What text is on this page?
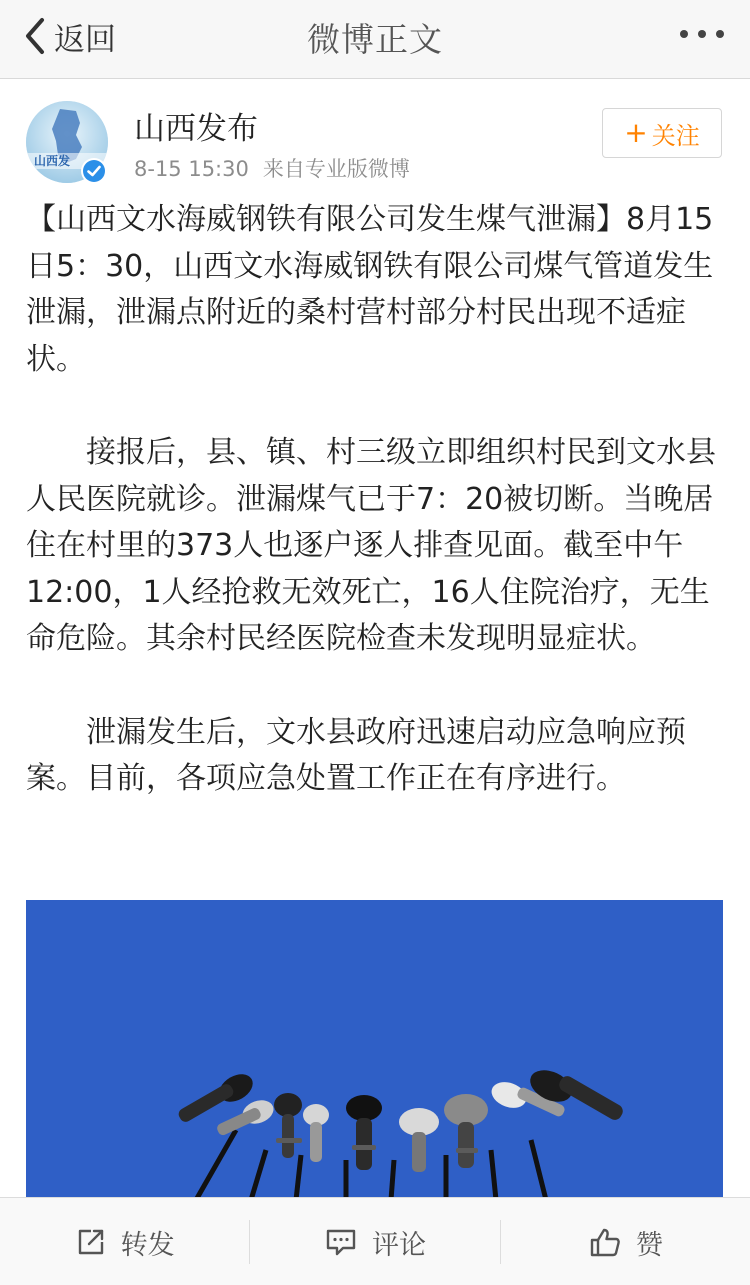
返回	微博正文
山西发
山西发布
8-15 15:30 来自专业版微博
+ 关注

【山西文水海威钢铁有限公司发生煤气泄漏】8月15日5：30，山西文水海威钢铁有限公司煤气管道发生泄漏，泄漏点附近的桑村营村部分村民出现不适症状。

接报后，县、镇、村三级立即组织村民到文水县人民医院就诊。泄漏煤气已于7：20被切断。当晚居住在村里的373人也逐户逐人排查见面。截至中午12:00，1人经抢救无效死亡，16人住院治疗，无生命危险。其余村民经医院检查未发现明显症状。

泄漏发生后，文水县政府迅速启动应急响应预案。目前，各项应急处置工作正在有序进行。

转发	评论	赞
